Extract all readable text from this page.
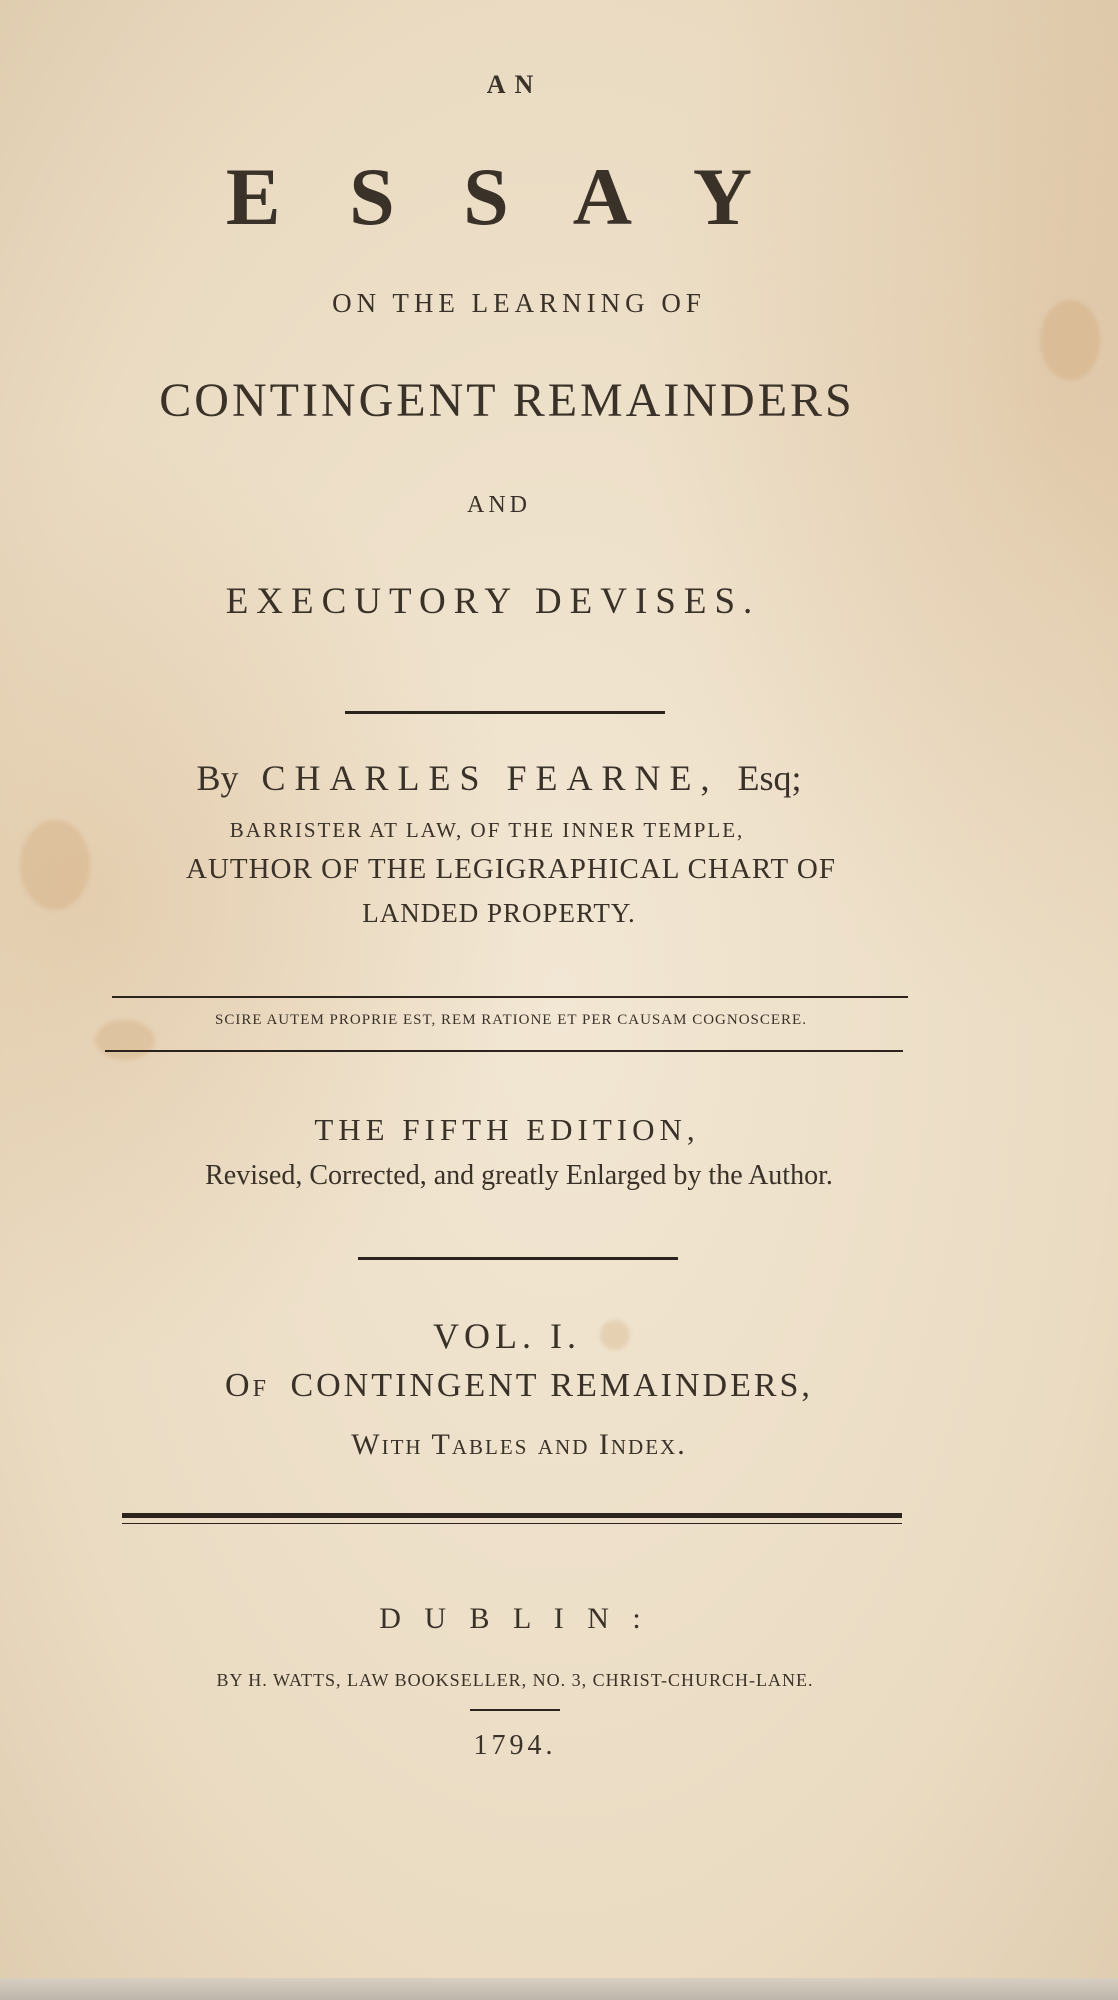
A N
E S S A Y
ON THE LEARNING OF
CONTINGENT REMAINDERS
AND
EXECUTORY DEVISES.
By CHARLES FEARNE, Esq;
BARRISTER AT LAW, OF THE INNER TEMPLE,
AUTHOR OF THE LEGIGRAPHICAL CHART OF
LANDED PROPERTY.
SCIRE AUTEM PROPRIE EST, REM RATIONE ET PER CAUSAM COGNOSCERE.
THE FIFTH EDITION,
Revised, Corrected, and greatly Enlarged by the Author.
VOL. I.
Of CONTINGENT REMAINDERS,
With Tables and Index.
D U B L I N :
BY H. WATTS, LAW BOOKSELLER, NO. 3, CHRIST-CHURCH-LANE.
1794.
